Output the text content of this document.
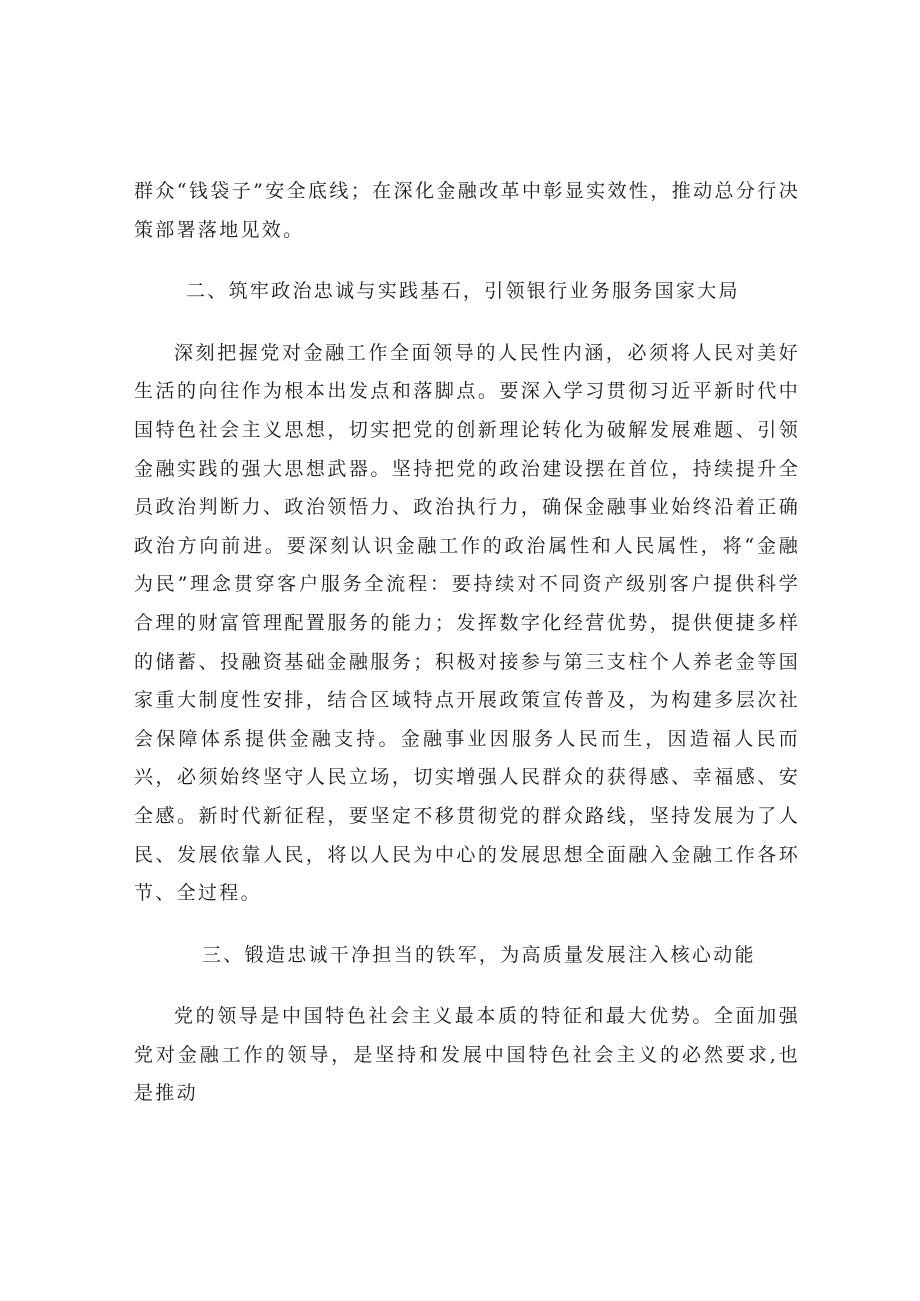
群众“钱袋子”安全底线；在深化金融改革中彰显实效性，推动总分行决策部署落地见效。

二、筑牢政治忠诚与实践基石，引领银行业务服务国家大局

深刻把握党对金融工作全面领导的人民性内涵，必须将人民对美好生活的向往作为根本出发点和落脚点。要深入学习贯彻习近平新时代中国特色社会主义思想，切实把党的创新理论转化为破解发展难题、引领金融实践的强大思想武器。坚持把党的政治建设摆在首位，持续提升全员政治判断力、政治领悟力、政治执行力，确保金融事业始终沿着正确政治方向前进。要深刻认识金融工作的政治属性和人民属性，将“金融为民”理念贯穿客户服务全流程：要持续对不同资产级别客户提供科学合理的财富管理配置服务的能力；发挥数字化经营优势，提供便捷多样的储蓄、投融资基础金融服务；积极对接参与第三支柱个人养老金等国家重大制度性安排，结合区域特点开展政策宣传普及，为构建多层次社会保障体系提供金融支持。金融事业因服务人民而生，因造福人民而兴，必须始终坚守人民立场，切实增强人民群众的获得感、幸福感、安全感。新时代新征程，要坚定不移贯彻党的群众路线，坚持发展为了人民、发展依靠人民，将以人民为中心的发展思想全面融入金融工作各环节、全过程。

三、锻造忠诚干净担当的铁军，为高质量发展注入核心动能

党的领导是中国特色社会主义最本质的特征和最大优势。全面加强党对金融工作的领导，是坚持和发展中国特色社会主义的必然要求,也是推动
